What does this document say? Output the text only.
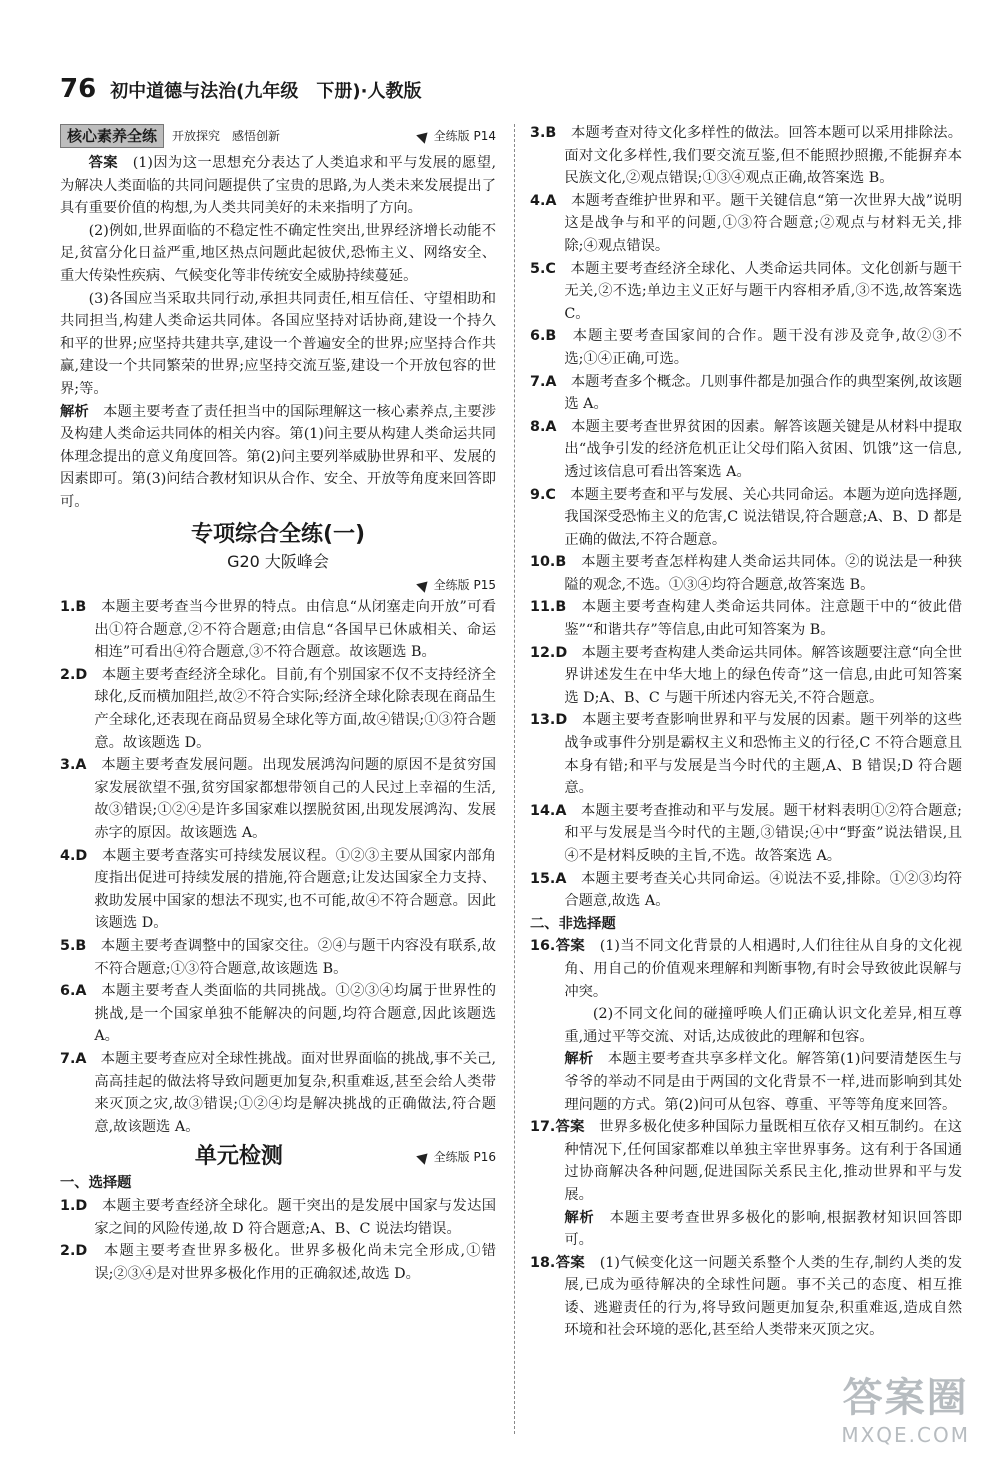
76 初中道德与法治(九年级　下册)·人教版
核心素养全练	开放探究　感悟创新	全练版 P14

答案　 (1)因为这一思想充分表达了人类追求和平与发展的愿望,为解决人类面临的共同问题提供了宝贵的思路,为人类未来发展提出了具有重要价值的构想,为人类共同美好的未来指明了方向。

(2)例如,世界面临的不稳定性不确定性突出,世界经济增长动能不足,贫富分化日益严重,地区热点问题此起彼伏,恐怖主义、网络安全、重大传染性疾病、气候变化等非传统安全威胁持续蔓延。

(3)各国应当采取共同行动,承担共同责任,相互信任、守望相助和共同担当,构建人类命运共同体。各国应坚持对话协商,建设一个持久和平的世界;应坚持共建共享,建设一个普遍安全的世界;应坚持合作共赢,建设一个共同繁荣的世界;应坚持交流互鉴,建设一个开放包容的世界;等。

解析　 本题主要考查了责任担当中的国际理解这一核心素养点,主要涉及构建人类命运共同体的相关内容。第(1)问主要从构建人类命运共同体理念提出的意义角度回答。第(2)问主要列举威胁世界和平、发展的因素即可。第(3)问结合教材知识从合作、安全、开放等角度来回答即可。

专项综合全练(一)
G20 大阪峰会
全练版 P15

1.B　 本题主要考查当今世界的特点。由信息“从闭塞走向开放”可看出①符合题意,②不符合题意;由信息“各国早已休戚相关、命运相连”可看出④符合题意,③不符合题意。故该题选 B。

2.D　 本题主要考查经济全球化。目前,有个别国家不仅不支持经济全球化,反而横加阻拦,故②不符合实际;经济全球化除表现在商品生产全球化,还表现在商品贸易全球化等方面,故④错误;①③符合题意。故该题选 D。

3.A　 本题主要考查发展问题。出现发展鸿沟问题的原因不是贫穷国家发展欲望不强,贫穷国家都想带领自己的人民过上幸福的生活,故③错误;①②④是许多国家难以摆脱贫困,出现发展鸿沟、发展赤字的原因。故该题选 A。

4.D　 本题主要考查落实可持续发展议程。①②③主要从国家内部角度指出促进可持续发展的措施,符合题意;让发达国家全力支持、救助发展中国家的想法不现实,也不可能,故④不符合题意。因此该题选 D。

5.B　 本题主要考查调整中的国家交往。②④与题干内容没有联系,故不符合题意;①③符合题意,故该题选 B。

6.A　 本题主要考查人类面临的共同挑战。①②③④均属于世界性的挑战,是一个国家单独不能解决的问题,均符合题意,因此该题选 A。

7.A　 本题主要考查应对全球性挑战。面对世界面临的挑战,事不关己,高高挂起的做法将导致问题更加复杂,积重难返,甚至会给人类带来灭顶之灾,故③错误;①②④均是解决挑战的正确做法,符合题意,故该题选 A。

单元检测	全练版 P16

一、选择题

1.D　 本题主要考查经济全球化。题干突出的是发展中国家与发达国家之间的风险传递,故 D 符合题意;A、B、C 说法均错误。

2.D　 本题主要考查世界多极化。世界多极化尚未完全形成,①错误;②③④是对世界多极化作用的正确叙述,故选 D。

3.B　 本题考查对待文化多样性的做法。回答本题可以采用排除法。面对文化多样性,我们要交流互鉴,但不能照抄照搬,不能摒弃本民族文化,②观点错误;①③④观点正确,故答案选 B。

4.A　 本题考查维护世界和平。题干关键信息“第一次世界大战”说明这是战争与和平的问题,①③符合题意;②观点与材料无关,排除;④观点错误。

5.C　 本题主要考查经济全球化、人类命运共同体。文化创新与题干无关,②不选;单边主义正好与题干内容相矛盾,③不选,故答案选 C。

6.B　 本题主要考查国家间的合作。题干没有涉及竞争,故②③不选;①④正确,可选。

7.A　 本题考查多个概念。几则事件都是加强合作的典型案例,故该题选 A。

8.A　 本题主要考查世界贫困的因素。解答该题关键是从材料中提取出“战争引发的经济危机正让父母们陷入贫困、饥饿”这一信息,透过该信息可看出答案选 A。

9.C　 本题主要考查和平与发展、关心共同命运。本题为逆向选择题,我国深受恐怖主义的危害,C 说法错误,符合题意;A、B、D 都是正确的做法,不符合题意。

10.B　 本题主要考查怎样构建人类命运共同体。②的说法是一种狭隘的观念,不选。①③④均符合题意,故答案选 B。

11.B　 本题主要考查构建人类命运共同体。注意题干中的“彼此借鉴”“和谐共存”等信息,由此可知答案为 B。

12.D　 本题主要考查构建人类命运共同体。解答该题要注意“向全世界讲述发生在中华大地上的绿色传奇”这一信息,由此可知答案选 D;A、B、C 与题干所述内容无关,不符合题意。

13.D　 本题主要考查影响世界和平与发展的因素。题干列举的这些战争或事件分别是霸权主义和恐怖主义的行径,C 不符合题意且本身有错;和平与发展是当今时代的主题,A、B 错误;D 符合题意。

14.A　 本题主要考查推动和平与发展。题干材料表明①②符合题意;和平与发展是当今时代的主题,③错误;④中“野蛮”说法错误,且④不是材料反映的主旨,不选。故答案选 A。

15.A　 本题主要考查关心共同命运。④说法不妥,排除。①②③均符合题意,故选 A。

二、非选择题

16.答案　 (1)当不同文化背景的人相遇时,人们往往从自身的文化视角、用自己的价值观来理解和判断事物,有时会导致彼此误解与冲突。

(2)不同文化间的碰撞呼唤人们正确认识文化差异,相互尊重,通过平等交流、对话,达成彼此的理解和包容。

解析　 本题主要考查共享多样文化。解答第(1)问要清楚医生与爷爷的举动不同是由于两国的文化背景不一样,进而影响到其处理问题的方式。第(2)问可从包容、尊重、平等等角度来回答。

17.答案　 世界多极化使多种国际力量既相互依存又相互制约。在这种情况下,任何国家都难以单独主宰世界事务。这有利于各国通过协商解决各种问题,促进国际关系民主化,推动世界和平与发展。

解析　 本题主要考查世界多极化的影响,根据教材知识回答即可。

18.答案　 (1)气候变化这一问题关系整个人类的生存,制约人类的发展,已成为亟待解决的全球性问题。事不关己的态度、相互推诿、逃避责任的行为,将导致问题更加复杂,积重难返,造成自然环境和社会环境的恶化,甚至给人类带来灭顶之灾。

答案圈
MXQE.COM
